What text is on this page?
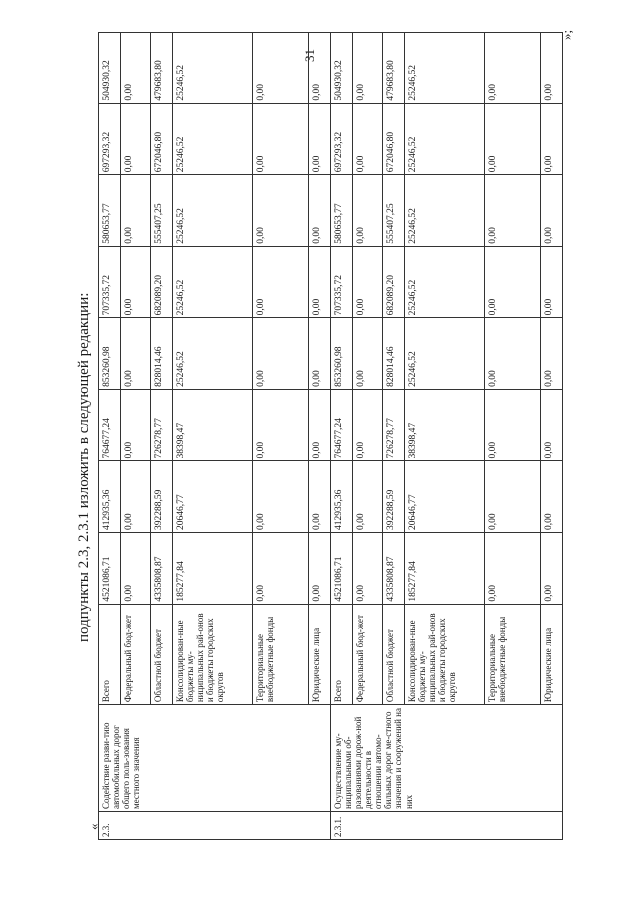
31
подпункты 2.3, 2.3.1 изложить в следующей редакции:
«
»;
2.3.	Содействие разви-тию автомобильных дорог общего поль-зования местного значения	Всего	4521086,71	412935,36	764677,24	853260,98	707335,72	580653,77	697293,32	504930,32
		Федеральный бюд-жет	0,00	0,00	0,00	0,00	0,00	0,00	0,00	0,00
		Областной бюджет	4335808,87	392288,59	726278,77	828014,46	682089,20	555407,25	672046,80	479683,80
		Консолидирован-ные бюджеты му-ниципальных рай-онов и бюджеты городских округов	185277,84	20646,77	38398,47	25246,52	25246,52	25246,52	25246,52	25246,52
		Территориальные внебюджетные фонды	0,00	0,00	0,00	0,00	0,00	0,00	0,00	0,00
		Юридические лица	0,00	0,00	0,00	0,00	0,00	0,00	0,00	0,00
2.3.1.	Осуществление му-ниципальными об-разованиями дорож-ной деятельности в отношении автомо-бильных дорог ме-стного значения и сооружений на них	Всего	4521086,71	412935,36	764677,24	853260,98	707335,72	580653,77	697293,32	504930,32
		Федеральный бюд-жет	0,00	0,00	0,00	0,00	0,00	0,00	0,00	0,00
		Областной бюджет	4335808,87	392288,59	726278,77	828014,46	682089,20	555407,25	672046,80	479683,80
		Консолидирован-ные бюджеты му-ниципальных рай-онов и бюджеты городских округов	185277,84	20646,77	38398,47	25246,52	25246,52	25246,52	25246,52	25246,52
		Территориальные внебюджетные фонды	0,00	0,00	0,00	0,00	0,00	0,00	0,00	0,00
		Юридические лица	0,00	0,00	0,00	0,00	0,00	0,00	0,00	0,00
